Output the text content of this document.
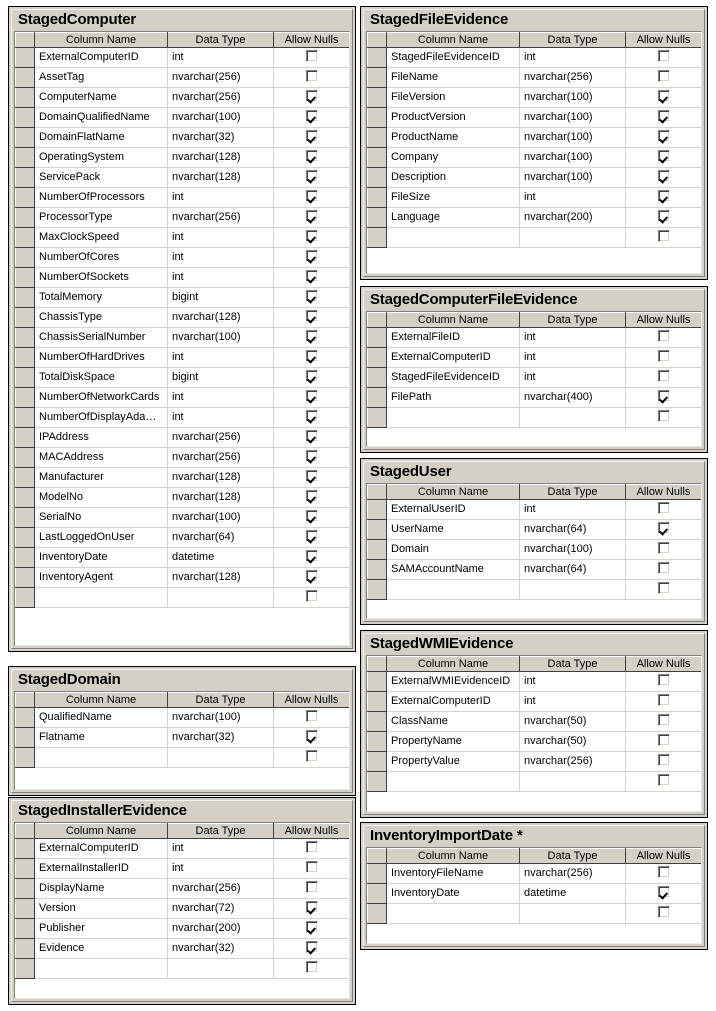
StagedComputer
	Column Name	Data Type	Allow Nulls
	ExternalComputerID	int	
	AssetTag	nvarchar(256)	
	ComputerName	nvarchar(256)	
	DomainQualifiedName	nvarchar(100)	
	DomainFlatName	nvarchar(32)	
	OperatingSystem	nvarchar(128)	
	ServicePack	nvarchar(128)	
	NumberOfProcessors	int	
	ProcessorType	nvarchar(256)	
	MaxClockSpeed	int	
	NumberOfCores	int	
	NumberOfSockets	int	
	TotalMemory	bigint	
	ChassisType	nvarchar(128)	
	ChassisSerialNumber	nvarchar(100)	
	NumberOfHardDrives	int	
	TotalDiskSpace	bigint	
	NumberOfNetworkCards	int	
	NumberOfDisplayAda…	int	
	IPAddress	nvarchar(256)	
	MACAddress	nvarchar(256)	
	Manufacturer	nvarchar(128)	
	ModelNo	nvarchar(128)	
	SerialNo	nvarchar(100)	
	LastLoggedOnUser	nvarchar(64)	
	InventoryDate	datetime	
	InventoryAgent	nvarchar(128)	

StagedDomain
	Column Name	Data Type	Allow Nulls
	QualifiedName	nvarchar(100)	
	Flatname	nvarchar(32)	

StagedInstallerEvidence
	Column Name	Data Type	Allow Nulls
	ExternalComputerID	int	
	ExternalInstallerID	int	
	DisplayName	nvarchar(256)	
	Version	nvarchar(72)	
	Publisher	nvarchar(200)	
	Evidence	nvarchar(32)	

StagedFileEvidence
	Column Name	Data Type	Allow Nulls
	StagedFileEvidenceID	int	
	FileName	nvarchar(256)	
	FileVersion	nvarchar(100)	
	ProductVersion	nvarchar(100)	
	ProductName	nvarchar(100)	
	Company	nvarchar(100)	
	Description	nvarchar(100)	
	FileSize	int	
	Language	nvarchar(200)	

StagedComputerFileEvidence
	Column Name	Data Type	Allow Nulls
	ExternalFileID	int	
	ExternalComputerID	int	
	StagedFileEvidenceID	int	
	FilePath	nvarchar(400)	

StagedUser
	Column Name	Data Type	Allow Nulls
	ExternalUserID	int	
	UserName	nvarchar(64)	
	Domain	nvarchar(100)	
	SAMAccountName	nvarchar(64)	

StagedWMIEvidence
	Column Name	Data Type	Allow Nulls
	ExternalWMIEvidenceID	int	
	ExternalComputerID	int	
	ClassName	nvarchar(50)	
	PropertyName	nvarchar(50)	
	PropertyValue	nvarchar(256)	

InventoryImportDate *
	Column Name	Data Type	Allow Nulls
	InventoryFileName	nvarchar(256)	
	InventoryDate	datetime	
